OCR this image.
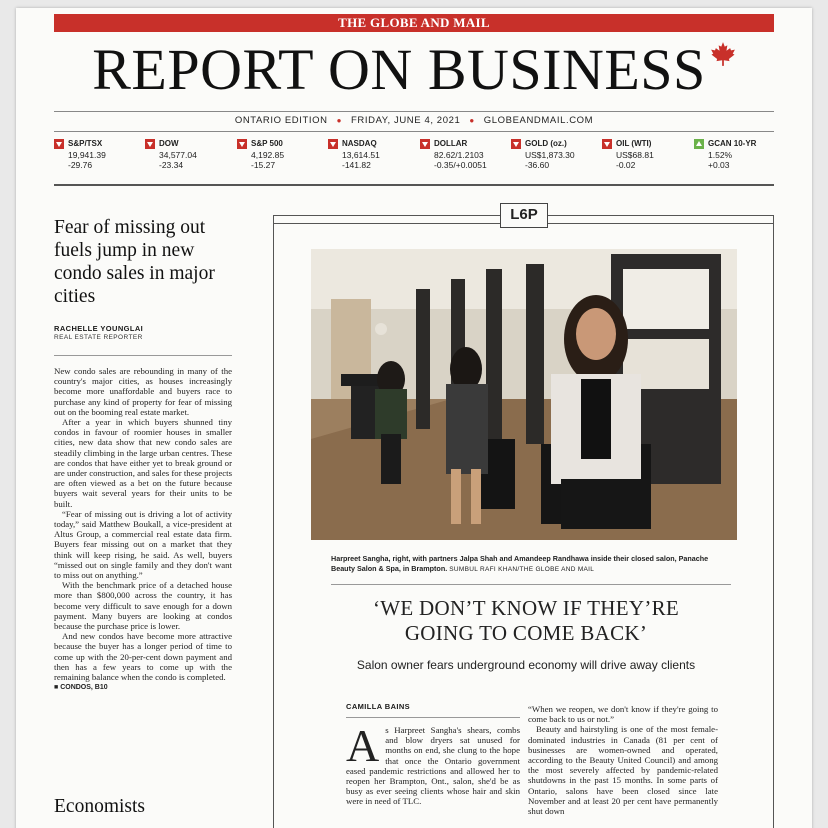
THE GLOBE AND MAIL
REPORT ON BUSINESS
ONTARIO EDITION ● FRIDAY, JUNE 4, 2021 ● GLOBEANDMAIL.COM
S&P/TSX
19,941.39
-29.76
DOW
34,577.04
-23.34
S&P 500
4,192.85
-15.27
NASDAQ
13,614.51
-141.82
DOLLAR
82.62/1.2103
-0.35/+0.0051
GOLD (oz.)
US$1,873.30
-36.60
OIL (WTI)
US$68.81
-0.02
GCAN 10-YR
1.52%
+0.03
Fear of missing out fuels jump in new condo sales in major cities
RACHELLE YOUNGLAI
REAL ESTATE REPORTER

New condo sales are rebounding in many of the country's major cities, as houses increasingly become more unaffordable and buyers race to purchase any kind of property for fear of missing out on the booming real estate market.

After a year in which buyers shunned tiny condos in favour of roomier houses in smaller cities, new data show that new condo sales are steadily climbing in the large urban centres. These are condos that have either yet to break ground or are under construction, and sales for these projects are often viewed as a bet on the future because buyers wait several years for their units to be built.

“Fear of missing out is driving a lot of activity today,” said Matthew Boukall, a vice-president at Altus Group, a commercial real estate data firm. Buyers fear missing out on a market that they think will keep rising, he said. As well, buyers “missed out on single family and they don't want to miss out on anything.”

With the benchmark price of a detached house more than $800,000 across the country, it has become very difficult to save enough for a down payment. Many buyers are looking at condos because the purchase price is lower.

And new condos have become more attractive because the buyer has a longer period of time to come up with the 20-per-cent down payment and then has a few years to come up with the remaining balance when the condo is completed.

■ CONDOS, B10
Economists
L6P
Harpreet Sangha, right, with partners Jalpa Shah and Amandeep Randhawa inside their closed salon, Panache Beauty Salon & Spa, in Brampton. SUMBUL RAFI KHAN/THE GLOBE AND MAIL
‘WE DON’T KNOW IF THEY’RE
GOING TO COME BACK’
Salon owner fears underground economy will drive away clients
CAMILLA BAINS
As Harpreet Sangha's shears, combs and blow dryers sat unused for months on end, she clung to the hope that once the Ontario government eased pandemic restrictions and allowed her to reopen her Brampton, Ont., salon, she'd be as busy as ever seeing clients whose hair and skin were in need of TLC.

“When we reopen, we don't know if they're going to come back to us or not.”

Beauty and hairstyling is one of the most female-dominated industries in Canada (81 per cent of businesses are women-owned and operated, according to the Beauty United Council) and among the most severely affected by pandemic-related shutdowns in the past 15 months. In some parts of Ontario, salons have been closed since late November and at least 20 per cent have permanently shut down
